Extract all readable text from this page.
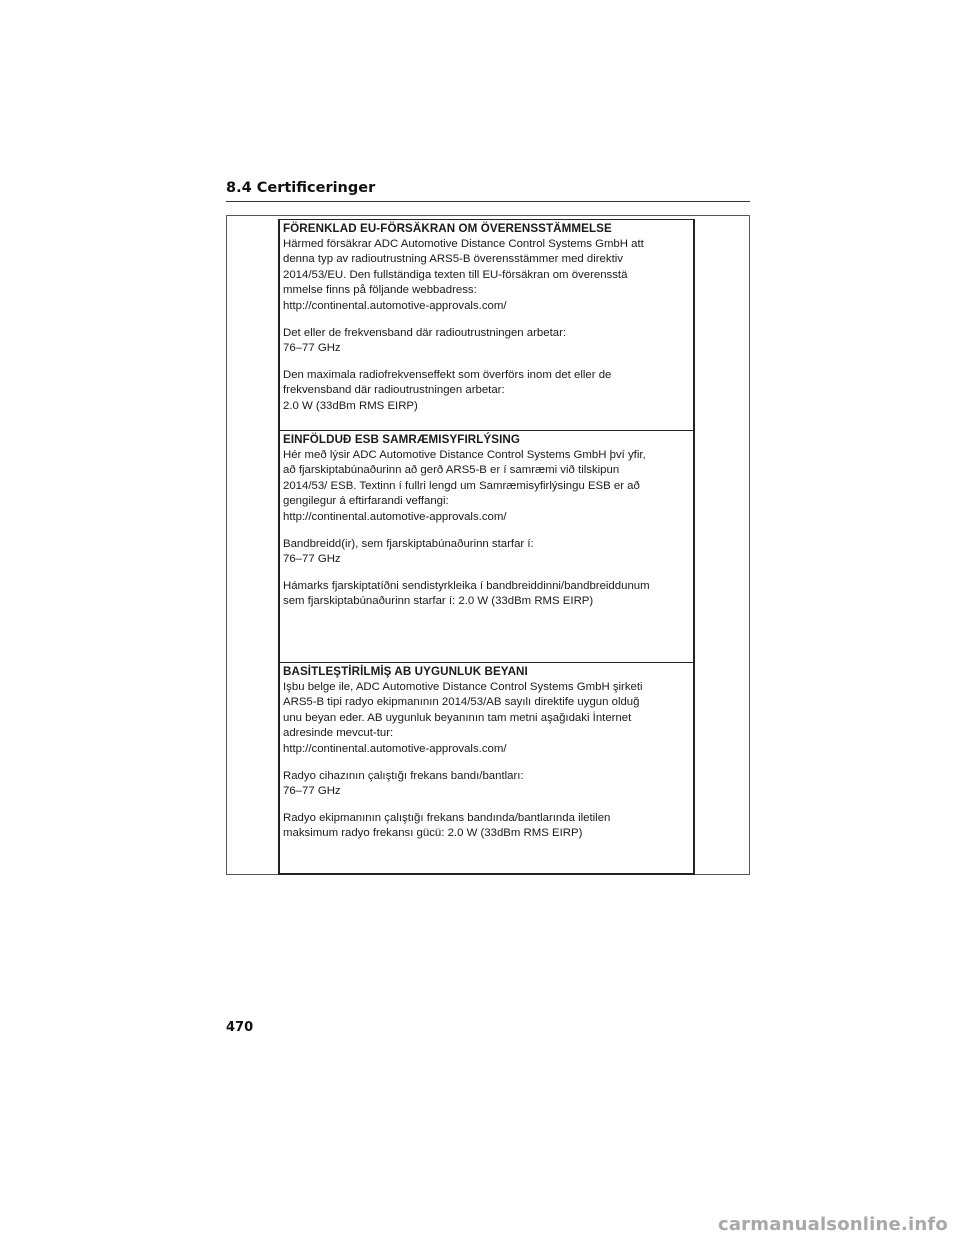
8.4 Certificeringer
FÖRENKLAD EU-FÖRSÄKRAN OM ÖVERENSSTÄMMELSE

Härmed försäkrar ADC Automotive Distance Control Systems GmbH att

denna typ av radioutrustning ARS5-B överensstämmer med direktiv

2014/53/EU. Den fullständiga texten till EU-försäkran om överensstä

mmelse finns på följande webbadress:

http://continental.automotive-approvals.com/

Det eller de frekvensband där radioutrustningen arbetar:

76–77 GHz

Den maximala radiofrekvenseffekt som överförs inom det eller de

frekvensband där radioutrustningen arbetar:

2.0 W (33dBm RMS EIRP)

EINFÖLDUÐ ESB SAMRÆMISYFIRLÝSING

Hér með lýsir ADC Automotive Distance Control Systems GmbH því yfir,

að fjarskiptabúnaðurinn að gerð ARS5-B er í samræmi við tilskipun

2014/53/ ESB. Textinn í fullri lengd um Samræmisyfirlýsingu ESB er að

gengilegur á eftirfarandi veffangi:

http://continental.automotive-approvals.com/

Bandbreidd(ir), sem fjarskiptabúnaðurinn starfar í:

76–77 GHz

Hámarks fjarskiptatíðni sendistyrkleika í bandbreiddinni/bandbreiddunum

sem fjarskiptabúnaðurinn starfar í: 2.0 W (33dBm RMS EIRP)

BASİTLEŞTİRİLMİŞ AB UYGUNLUK BEYANI

Işbu belge ile, ADC Automotive Distance Control Systems GmbH şirketi

ARS5-B tipi radyo ekipmanının 2014/53/AB sayılı direktife uygun olduğ

unu beyan eder. AB uygunluk beyanının tam metni aşağıdaki İnternet

adresinde mevcut-tur:

http://continental.automotive-approvals.com/

Radyo cihazının çalıştığı frekans bandı/bantları:

76–77 GHz

Radyo ekipmanının çalıştığı frekans bandında/bantlarında iletilen

maksimum radyo frekansı gücü: 2.0 W (33dBm RMS EIRP)

470
carmanualsonline.info
